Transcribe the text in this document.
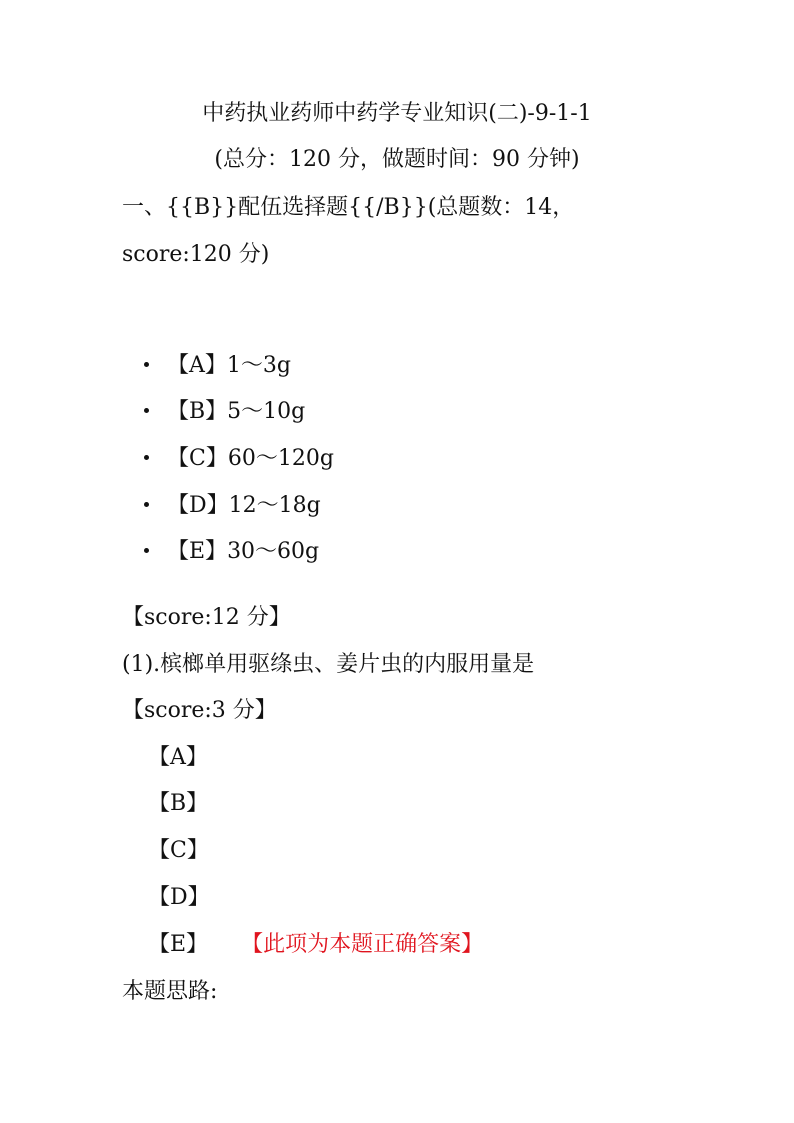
中药执业药师中药学专业知识(二)-9-1-1
(总分：120 分，做题时间：90 分钟)
一、{{B}}配伍选择题{{/B}}(总题数：14，
score:120 分)
【A】1～3g
【B】5～10g
【C】60～120g
【D】12～18g
【E】30～60g
【score:12 分】
(1).槟榔单用驱绦虫、姜片虫的内服用量是
【score:3 分】
【A】
【B】
【C】
【D】
【E】 【此项为本题正确答案】
本题思路:
